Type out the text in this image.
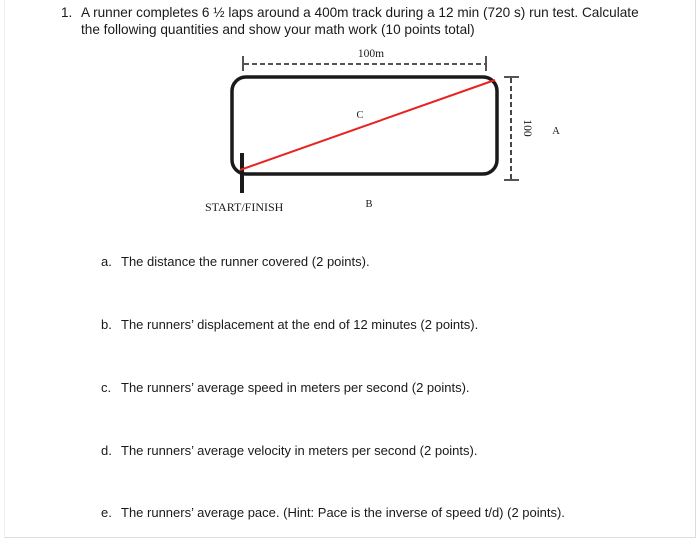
1. A runner completes 6 ½ laps around a 400m track during a 12 min (720 s) run test. Calculate
the following quantities and show your math work (10 points total)
100m
100
C
A
B
START/FINISH
a. The distance the runner covered (2 points).
b. The runners’ displacement at the end of 12 minutes (2 points).
c. The runners’ average speed in meters per second (2 points).
d. The runners’ average velocity in meters per second (2 points).
e. The runners’ average pace. (Hint: Pace is the inverse of speed t/d) (2 points).
